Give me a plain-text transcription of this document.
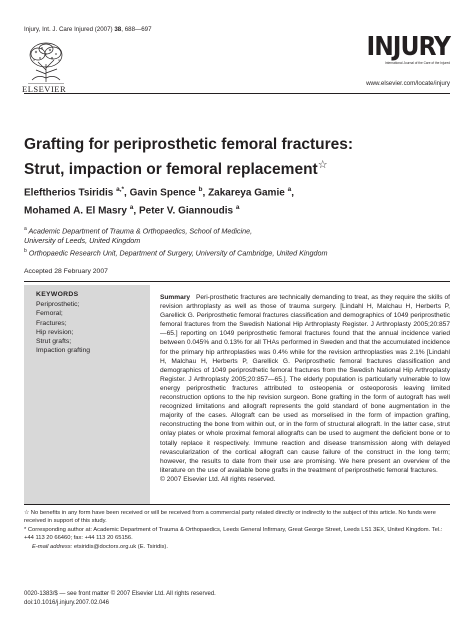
Injury, Int. J. Care Injured (2007) 38, 688—697
ELSEVIER
INJURY
International Journal of the Care of the Injured
www.elsevier.com/locate/injury
Grafting for periprosthetic femoral fractures:
Strut, impaction or femoral replacement☆
Eleftherios Tsiridis $^{a,*}$, Gavin Spence $^b$, Zakareya Gamie $^a$,
Mohamed A. El Masry $^a$, Peter V. Giannoudis $^a$
$^a$ Academic Department of Trauma & Orthopaedics, School of Medicine,
University of Leeds, United Kingdom
$^b$ Orthopaedic Research Unit, Department of Surgery, University of Cambridge, United Kingdom
Accepted 28 February 2007
KEYWORDS
Periprosthetic;
Femoral;
Fractures;
Hip revision;
Strut grafts;
Impaction grafting
Summary Peri-prosthetic fractures are technically demanding to treat, as they require the skills of revision arthroplasty as well as those of trauma surgery. [Lindahl H, Malchau H, Herberts P, Garellick G. Periprosthetic femoral fractures classification and demographics of 1049 periprosthetic femoral fractures from the Swedish National Hip Arthroplasty Register. J Arthroplasty 2005;20:857—65.] reporting on 1049 periprosthetic femoral fractures found that the annual incidence varied between 0.045% and 0.13% for all THAs performed in Sweden and that the accumulated incidence for the primary hip arthroplasties was 0.4% while for the revision arthroplasties was 2.1% [Lindahl H, Malchau H, Herberts P, Garellick G. Periprosthetic femoral fractures classification and demographics of 1049 periprosthetic femoral fractures from the Swedish National Hip Arthroplasty Register. J Arthroplasty 2005;20:857—65.]. The elderly population is particularly vulnerable to low energy periprosthetic fractures attributed to osteopenia or osteoporosis leaving limited reconstruction options to the hip revision surgeon. Bone grafting in the form of autograft has well recognized limitations and allograft represents the gold standard of bone augmentation in the majority of the cases. Allograft can be used as morselised in the form of impaction grafting, reconstructing the bone from within out, or in the form of structural allograft. In the latter case, strut onlay plates or whole proximal femoral allografts can be used to augment the deficient bone or to totally replace it respectively. Immune reaction and disease transmission along with delayed revascularization of the cortical allograft can cause failure of the construct in the long term; however, the results to date from their use are promising. We here present an overview of the literature on the use of available bone grafts in the treatment of periprosthetic femoral fractures.
© 2007 Elsevier Ltd. All rights reserved.
☆ No benefits in any form have been received or will be received from a commercial party related directly or indirectly to the subject of this article. No funds were received in support of this study.
* Corresponding author at: Academic Department of Trauma & Orthopaedics, Leeds General Infirmary, Great George Street, Leeds LS1 3EX, United Kingdom. Tel.: +44 113 20 66460; fax: +44 113 20 65156.
E-mail address: etsiridis@doctors.org.uk (E. Tsiridis).
0020-1383/$ — see front matter © 2007 Elsevier Ltd. All rights reserved.
doi:10.1016/j.injury.2007.02.046
